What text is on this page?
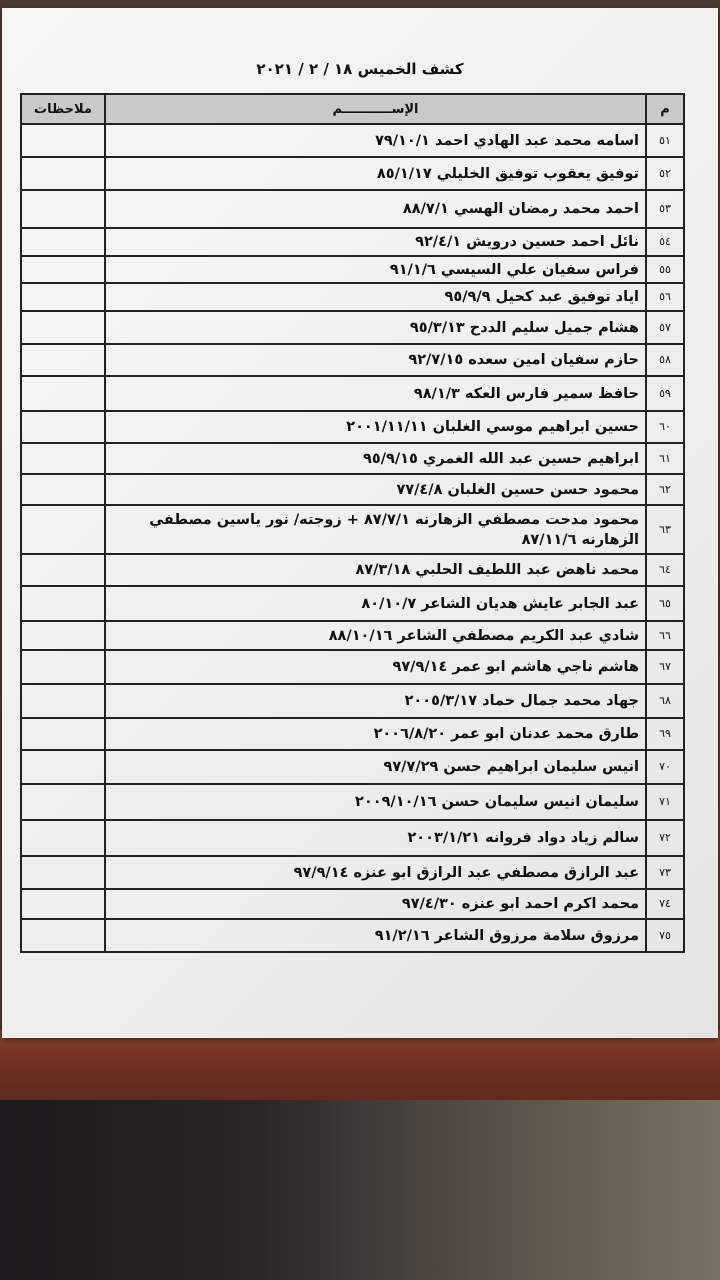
كشف الخميس ١٨ / ٢ / ٢٠٢١
م	الإســـــــــــم	ملاحظات
٥١	اسامه محمد عبد الهادي احمد ٧٩/١٠/١	
٥٢	توفيق يعقوب توفيق الخليلي ٨٥/١/١٧	
٥٣	احمد محمد رمضان الهسي ٨٨/٧/١	
٥٤	نائل احمد حسين درويش ٩٢/٤/١	
٥٥	فراس سفيان علي السيسي ٩١/١/٦	
٥٦	اياد توفيق عبد كحيل ٩٥/٩/٩	
٥٧	هشام جميل سليم الددح ٩٥/٣/١٣	
٥٨	حازم سفيان امين سعده ٩٢/٧/١٥	
٥٩	حافظ سمير فارس العكه ٩٨/١/٣	
٦٠	حسين ابراهيم موسي الغلبان ٢٠٠١/١١/١١	
٦١	ابراهيم حسين عبد الله الغمري ٩٥/٩/١٥	
٦٢	محمود حسن حسين الغلبان ٧٧/٤/٨	
٦٣	محمود مدحت مصطفي الزهارنه ٨٧/٧/١ + زوجته/ نور ياسين مصطفي الزهارنه ٨٧/١١/٦	
٦٤	محمد ناهض عبد اللطيف الحلبي ٨٧/٣/١٨	
٦٥	عبد الجابر عايش هديان الشاعر ٨٠/١٠/٧	
٦٦	شادي عبد الكريم مصطفي الشاعر ٨٨/١٠/١٦	
٦٧	هاشم ناجي هاشم ابو عمر ٩٧/٩/١٤	
٦٨	جهاد محمد جمال حماد ٢٠٠٥/٣/١٧	
٦٩	طارق محمد عدنان ابو عمر ٢٠٠٦/٨/٢٠	
٧٠	انيس سليمان ابراهيم حسن ٩٧/٧/٢٩	
٧١	سليمان انيس سليمان حسن ٢٠٠٩/١٠/١٦	
٧٢	سالم زياد دواد فروانه ٢٠٠٣/١/٢١	
٧٣	عبد الرازق مصطفي عبد الرازق ابو عنزه ٩٧/٩/١٤	
٧٤	محمد اكرم احمد ابو عنزه ٩٧/٤/٣٠	
٧٥	مرزوق سلامة مرزوق الشاعر ٩١/٢/١٦	
